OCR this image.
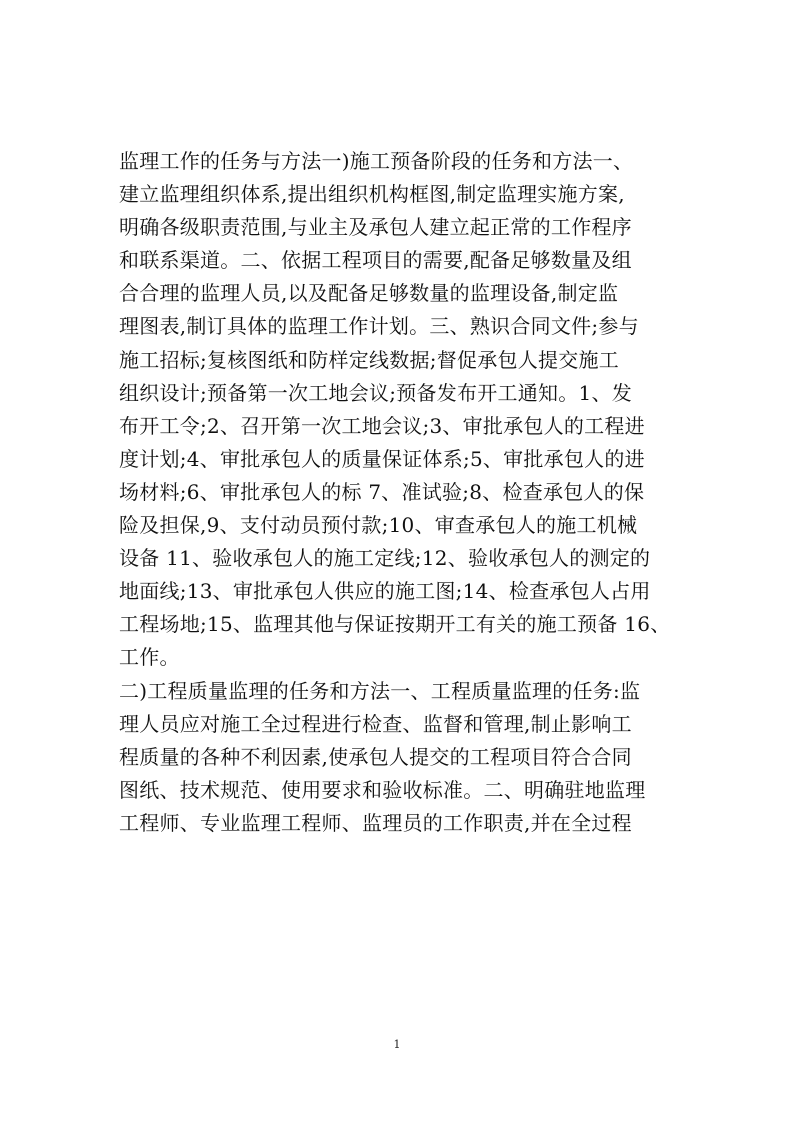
监理工作的任务与方法一)施工预备阶段的任务和方法一、
建立监理组织体系,提出组织机构框图,制定监理实施方案,
明确各级职责范围,与业主及承包人建立起正常的工作程序
和联系渠道。二、依据工程项目的需要,配备足够数量及组
合合理的监理人员,以及配备足够数量的监理设备,制定监
理图表,制订具体的监理工作计划。三、熟识合同文件;参与
施工招标;复核图纸和防样定线数据;督促承包人提交施工
组织设计;预备第一次工地会议;预备发布开工通知。1、发
布开工令;2、召开第一次工地会议;3、审批承包人的工程进
度计划;4、审批承包人的质量保证体系;5、审批承包人的进
场材料;6、审批承包人的标 7、准试验;8、检查承包人的保
险及担保,9、支付动员预付款;10、审查承包人的施工机械
设备 11、验收承包人的施工定线;12、验收承包人的测定的
地面线;13、审批承包人供应的施工图;14、检查承包人占用
工程场地;15、监理其他与保证按期开工有关的施工预备 16、
工作。
二)工程质量监理的任务和方法一、工程质量监理的任务:监
理人员应对施工全过程进行检查、监督和管理,制止影响工
程质量的各种不利因素,使承包人提交的工程项目符合合同
图纸、技术规范、使用要求和验收标准。二、明确驻地监理
工程师、专业监理工程师、监理员的工作职责,并在全过程
1
